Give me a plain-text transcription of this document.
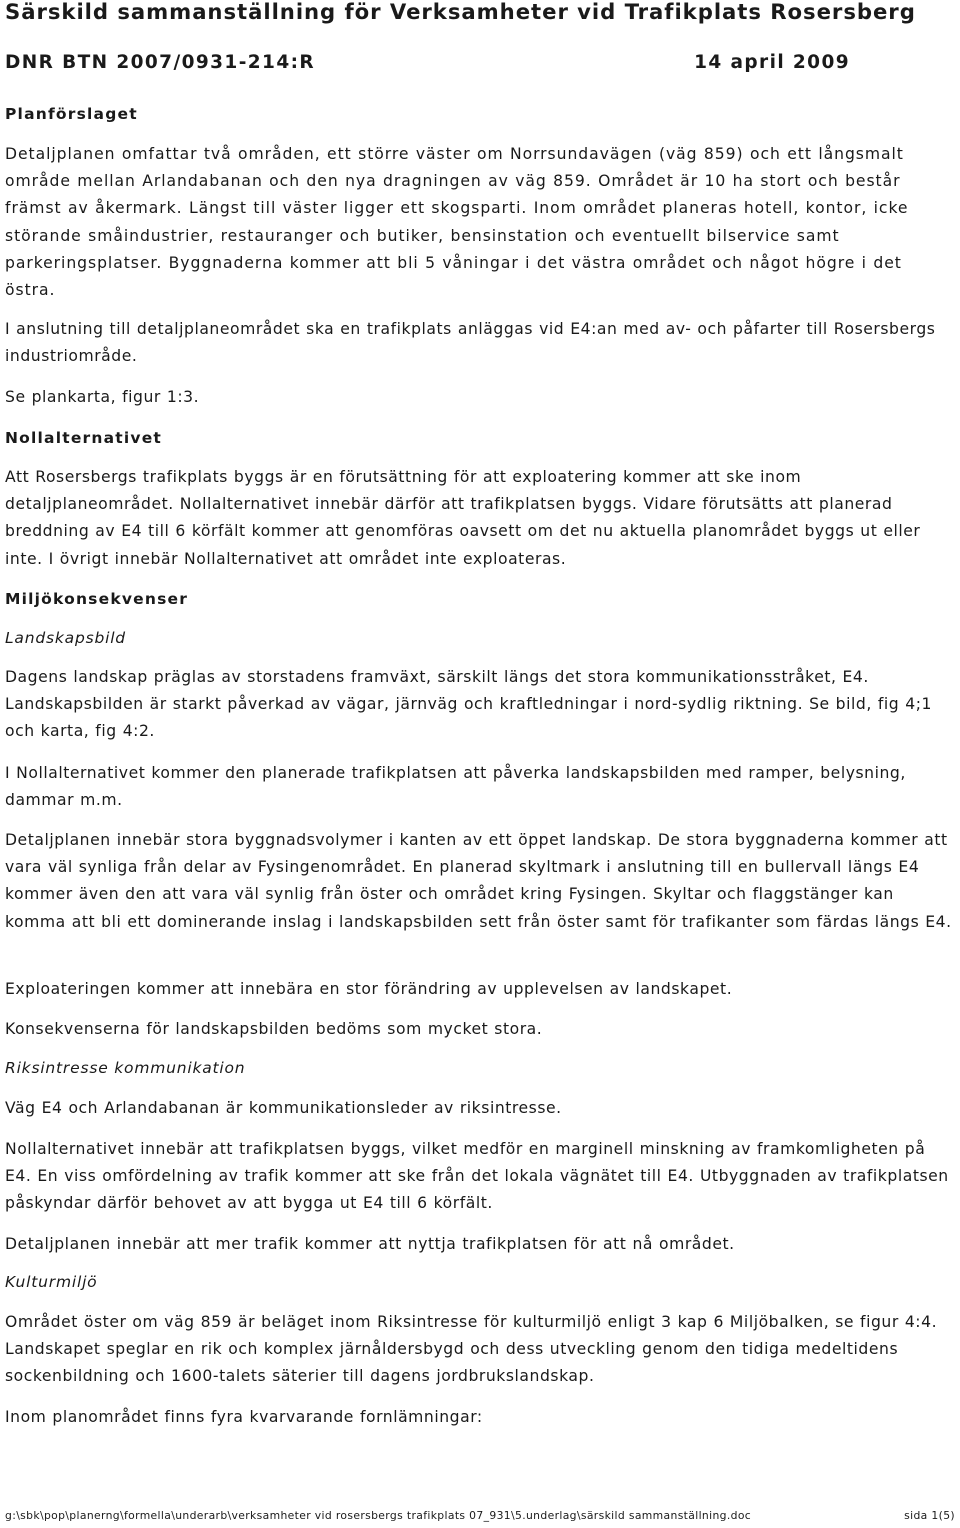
Särskild sammanställning för Verksamheter vid Trafikplats Rosersberg
DNR BTN 2007/0931-214:R	14 april 2009
Planförslaget
Detaljplanen omfattar två områden, ett större väster om Norrsundavägen (väg 859) och ett långsmalt område mellan Arlandabanan och den nya dragningen av väg 859. Området är 10 ha stort och består främst av åkermark. Längst till väster ligger ett skogsparti. Inom området planeras hotell, kontor, icke störande småindustrier, restauranger och butiker, bensinstation och eventuellt bilservice samt parkeringsplatser. Byggnaderna kommer att bli 5 våningar i det västra området och något högre i det östra.
I anslutning till detaljplaneområdet ska en trafikplats anläggas vid E4:an med av- och påfarter till Rosersbergs industriområde.
Se plankarta, figur 1:3.
Nollalternativet
Att Rosersbergs trafikplats byggs är en förutsättning för att exploatering kommer att ske inom detaljplaneområdet. Nollalternativet innebär därför att trafikplatsen byggs. Vidare förutsätts att planerad breddning av E4 till 6 körfält kommer att genomföras oavsett om det nu aktuella planområdet byggs ut eller inte. I övrigt innebär Nollalternativet att området inte exploateras.
Miljökonsekvenser
Landskapsbild
Dagens landskap präglas av storstadens framväxt, särskilt längs det stora kommunikationsstråket, E4. Landskapsbilden är starkt påverkad av vägar, järnväg och kraftledningar i nord-sydlig riktning. Se bild, fig 4;1 och karta, fig 4:2.
I Nollalternativet kommer den planerade trafikplatsen att påverka landskapsbilden med ramper, belysning, dammar m.m.
Detaljplanen innebär stora byggnadsvolymer i kanten av ett öppet landskap. De stora byggnaderna kommer att vara väl synliga från delar av Fysingenområdet. En planerad skyltmark i anslutning till en bullervall längs E4 kommer även den att vara väl synlig från öster och området kring Fysingen. Skyltar och flaggstänger kan komma att bli ett dominerande inslag i landskapsbilden sett från öster samt för trafikanter som färdas längs E4.
Exploateringen kommer att innebära en stor förändring av upplevelsen av landskapet.
Konsekvenserna för landskapsbilden bedöms som mycket stora.
Riksintresse kommunikation
Väg E4 och Arlandabanan är kommunikationsleder av riksintresse.
Nollalternativet innebär att trafikplatsen byggs, vilket medför en marginell minskning av framkomligheten på E4. En viss omfördelning av trafik kommer att ske från det lokala vägnätet till E4. Utbyggnaden av trafikplatsen påskyndar därför behovet av att bygga ut E4 till 6 körfält.
Detaljplanen innebär att mer trafik kommer att nyttja trafikplatsen för att nå området.
Kulturmiljö
Området öster om väg 859 är beläget inom Riksintresse för kulturmiljö enligt 3 kap 6 Miljöbalken, se figur 4:4. Landskapet speglar en rik och komplex järnåldersbygd och dess utveckling genom den tidiga medeltidens sockenbildning och 1600-talets säterier till dagens jordbrukslandskap.
Inom planområdet finns fyra kvarvarande fornlämningar:
g:\sbk\pop\planerng\formella\underarb\verksamheter vid rosersbergs trafikplats 07_931\5.underlag\särskild sammanställning.doc	sida 1(5)
